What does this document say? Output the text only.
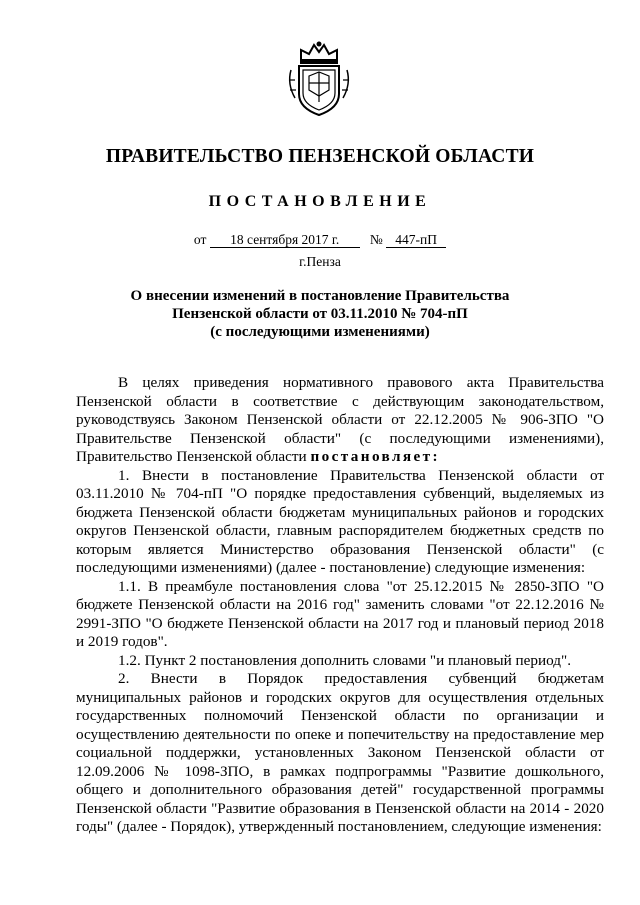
ПРАВИТЕЛЬСТВО ПЕНЗЕНСКОЙ ОБЛАСТИ
ПОСТАНОВЛЕНИЕ
от 18 сентября 2017 г. № 447-пП
г.Пенза
О внесении изменений в постановление Правительства
Пензенской области от 03.11.2010 № 704-пП
(с последующими изменениями)

В целях приведения нормативного правового акта Правительства Пензенской области в соответствие с действующим законодательством, руководствуясь Законом Пензенской области от 22.12.2005 № 906-ЗПО "О Правительстве Пензенской области" (с последующими изменениями), Правительство Пензенской области постановляет:

1. Внести в постановление Правительства Пензенской области от 03.11.2010 № 704-пП "О порядке предоставления субвенций, выделяемых из бюджета Пензенской области бюджетам муниципальных районов и городских округов Пензенской области, главным распорядителем бюджетных средств по которым является Министерство образования Пензенской области" (с последующими изменениями) (далее - постановление) следующие изменения:

1.1. В преамбуле постановления слова "от 25.12.2015 № 2850-ЗПО "О бюджете Пензенской области на 2016 год" заменить словами "от 22.12.2016 № 2991-ЗПО "О бюджете Пензенской области на 2017 год и плановый период 2018 и 2019 годов".

1.2. Пункт 2 постановления дополнить словами "и плановый период".

2. Внести в Порядок предоставления субвенций бюджетам муниципальных районов и городских округов для осуществления отдельных государственных полномочий Пензенской области по организации и осуществлению деятельности по опеке и попечительству на предоставление мер социальной поддержки, установленных Законом Пензенской области от 12.09.2006 № 1098-ЗПО, в рамках подпрограммы "Развитие дошкольного, общего и дополнительного образования детей" государственной программы Пензенской области "Развитие образования в Пензенской области на 2014 - 2020 годы" (далее - Порядок), утвержденный постановлением, следующие изменения:
